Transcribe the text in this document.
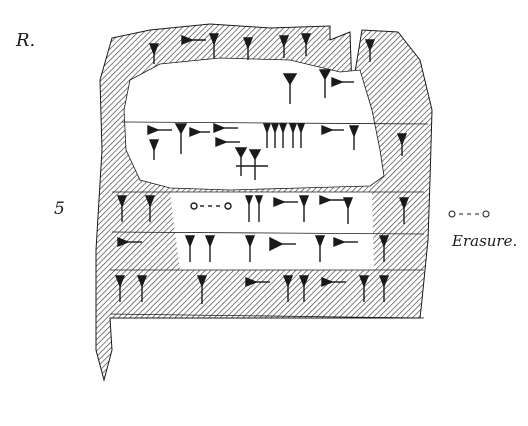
R.
5
Erasure.
